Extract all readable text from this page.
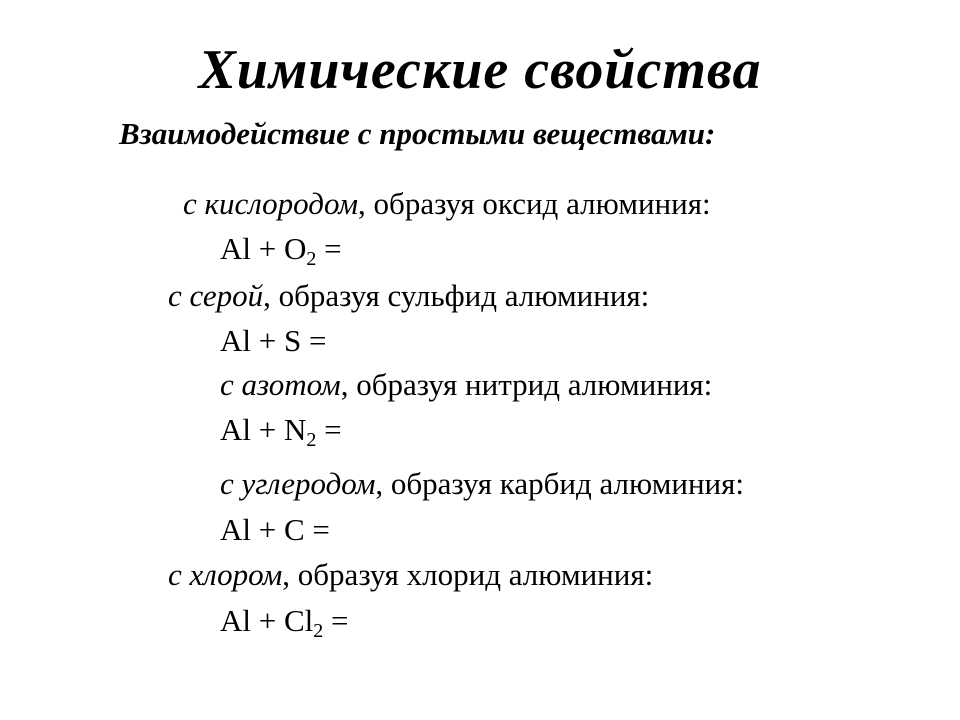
Химические свойства
Взаимодействие с простыми веществами:
с кислородом, образуя оксид алюминия:
$Al + O_2$ =
с серой, образуя сульфид алюминия:
Al + S =
с азотом, образуя нитрид алюминия:
$Al + N_2$ =
с углеродом, образуя карбид алюминия:
Al + C =
с хлором, образуя хлорид алюминия:
$Al + Cl_2$ =
